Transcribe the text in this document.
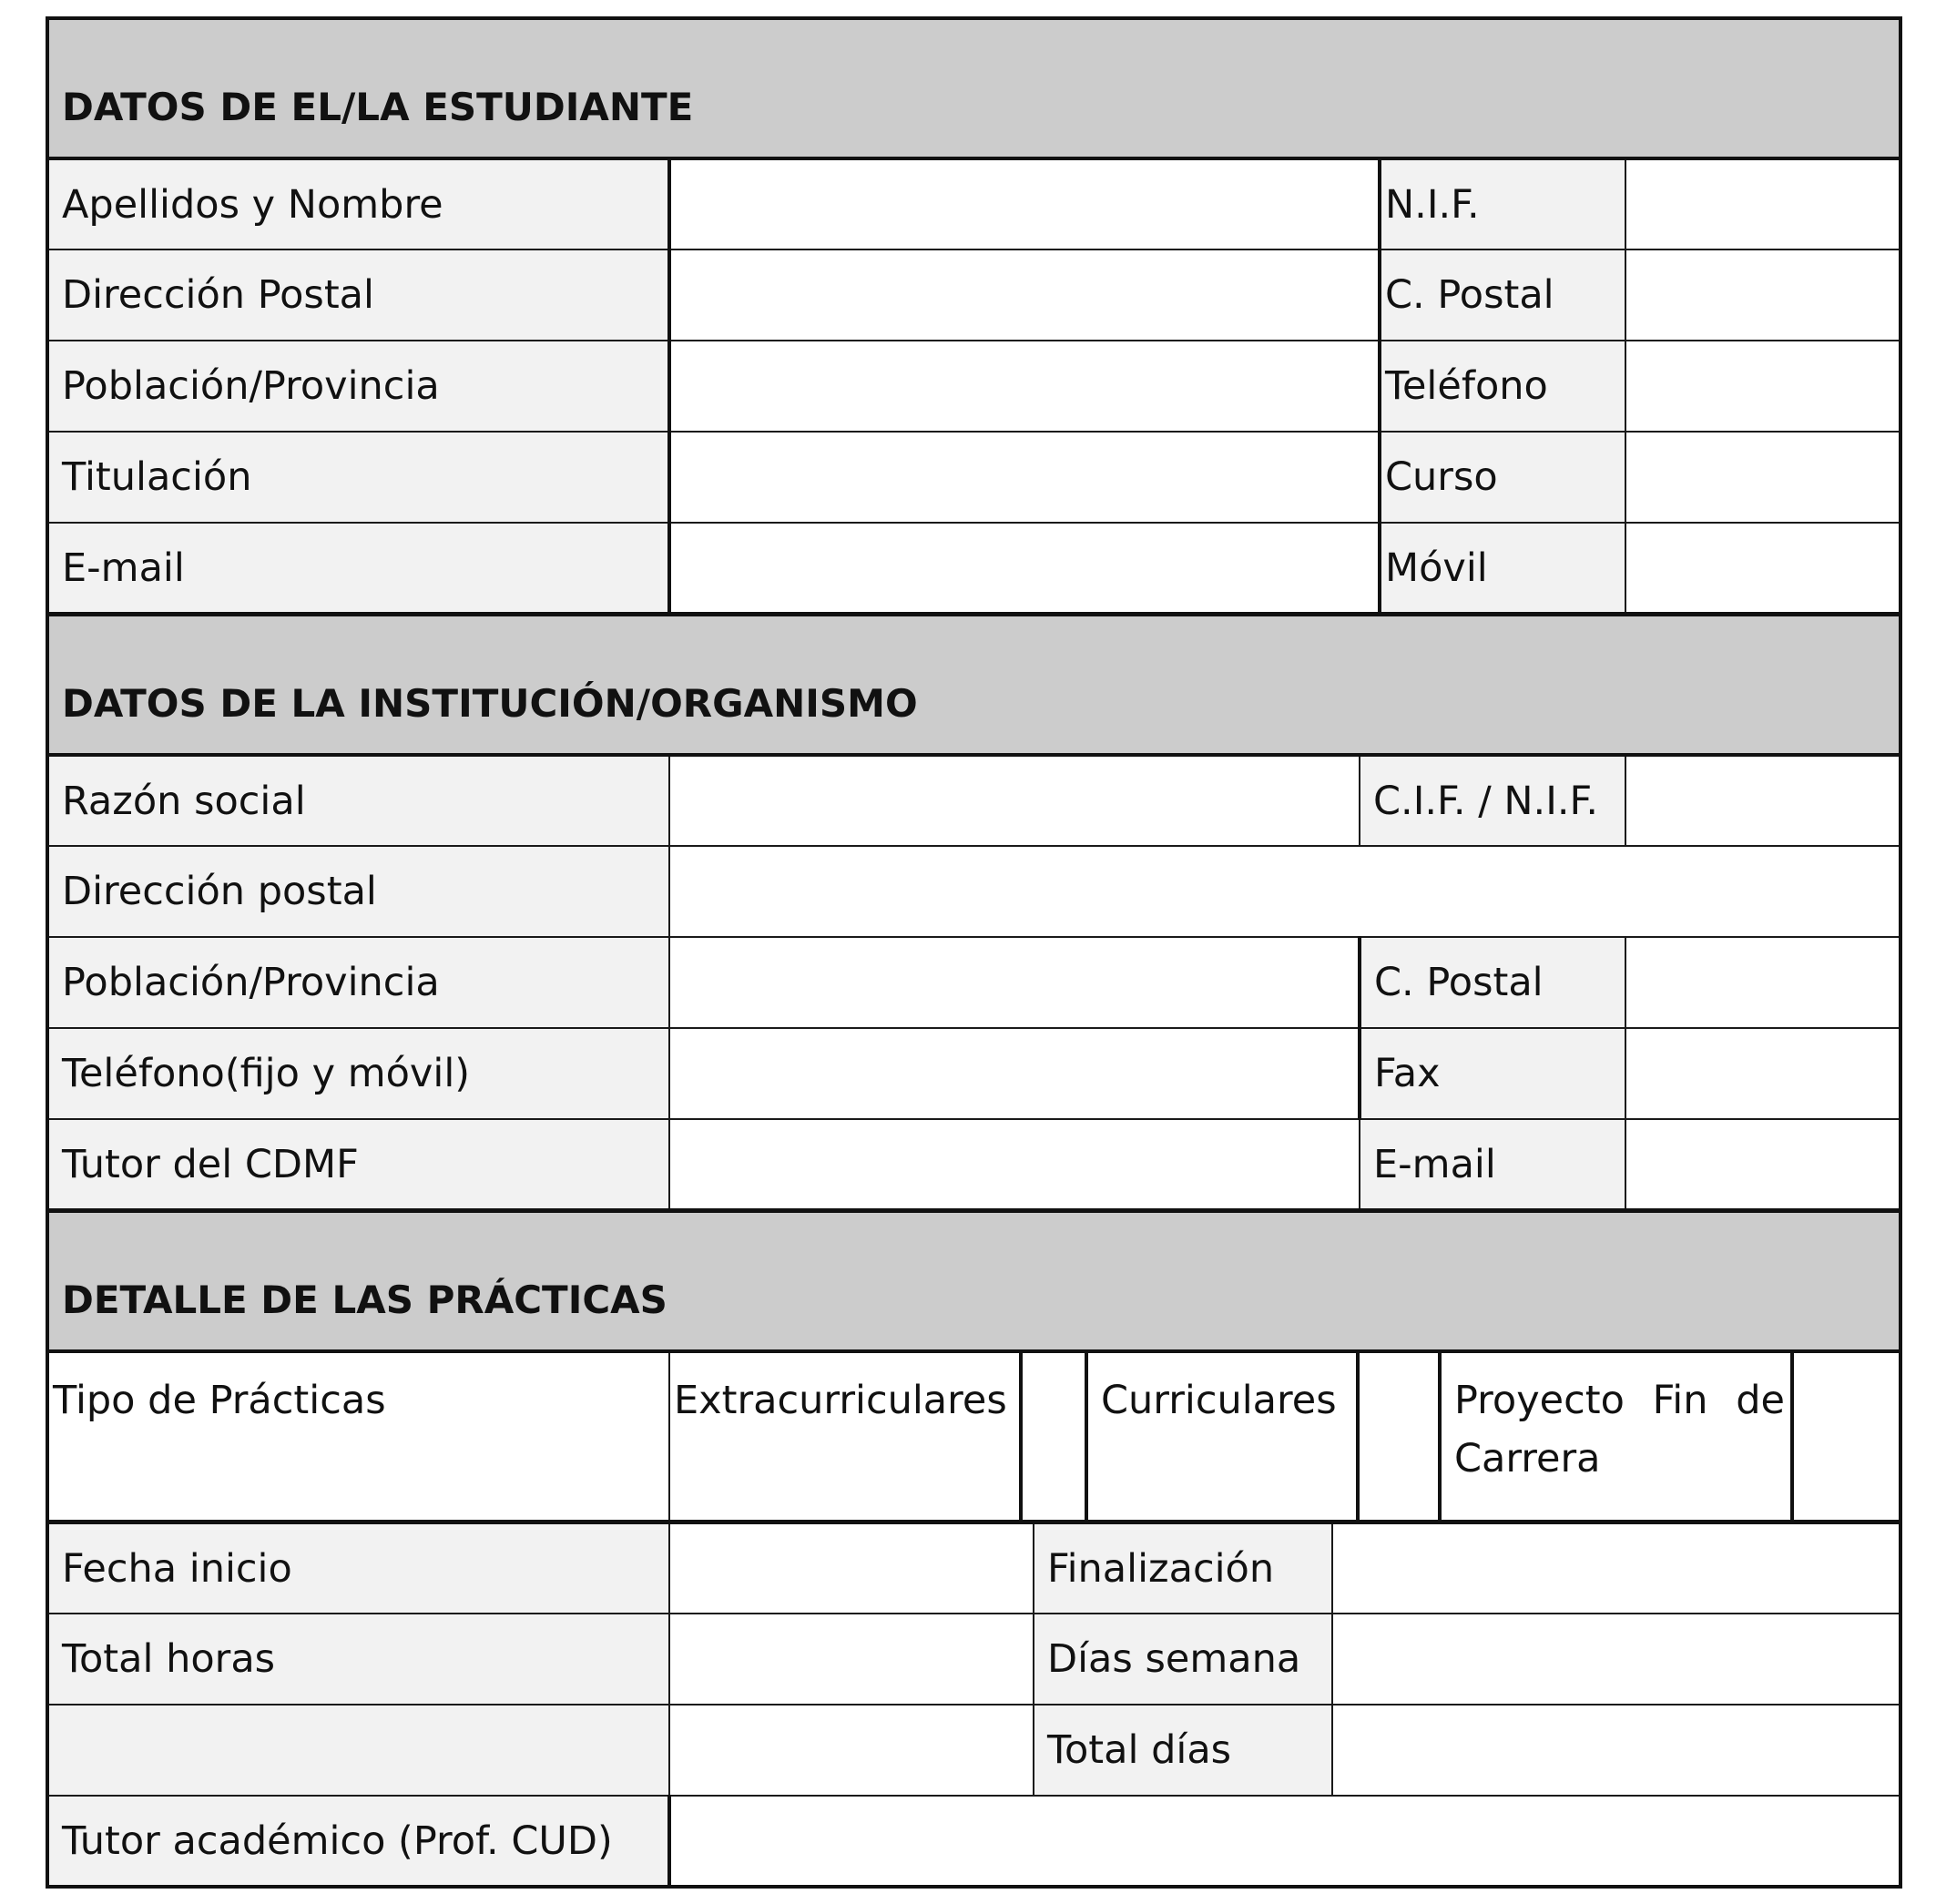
DATOS DE EL/LA ESTUDIANTE			
Apellidos y Nombre		N.I.F.	
Dirección Postal		C. Postal	
Población/Provincia		Teléfono	
Titulación		Curso	
E-mail		Móvil	
DATOS DE LA INSTITUCIÓN/ORGANISMO			
Razón social		C.I.F. / N.I.F.	
Dirección postal			
Población/Provincia		C. Postal	
Teléfono(fijo y móvil)		Fax	
Tutor del CDMF		E-mail	
DETALLE DE LAS PRÁCTICAS
Tipo de Prácticas	Extracurriculares		Curriculares		Proyecto Fin de Carrera	
Fecha inicio		Finalización	
Total horas		Días semana	
		Total días	
Tutor académico (Prof. CUD)			
